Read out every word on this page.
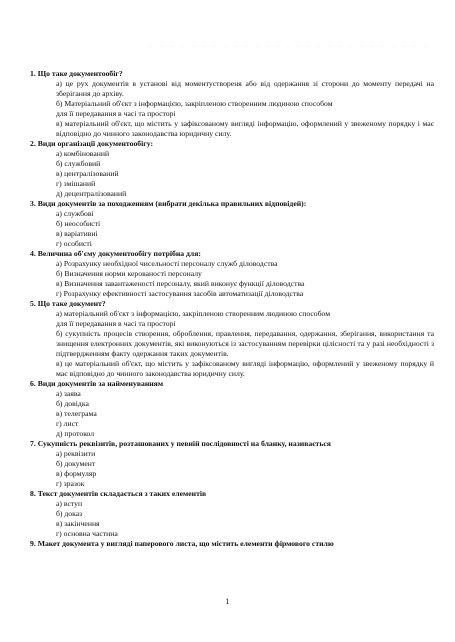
_ _ _ _ _ _ _ _ _ _ _ _ _ _ _ _ _ _ _ _ _ _ _ _ _ _ _
1. Що таке документообіг?
а) це рух документів в установі від моментуствореня або від одержання зі сторони до моменту передачі на зберігання до архіву.
б) Матеріальний об'єкт з інформацією, закріпленою створенним людиною способом
для її передавання в часі та просторі
в) матеріальний об'єкт, що містить у зафіксованому вигляді інформацію, оформлений у звеженому порядку і має відповідно до чинного законодавства юридичну силу.
2. Види організації документообігу:
а) комбінований
б) службовий
в) централізований
г) змішаний
д) децентралізований
3. Види документів за походженням (вибрати декілька правильних відповідей):
а) службові
б) неособисті
в) варіативні
г) особисті
4. Величина об'єму документообігу потрібна для:
а) Розрахунку необхідної чисельності персоналу служб діловодства
б) Визначення норми керованості персоналу
в) Визначення завантаженості персоналу, який виконує функції діловодства
г) Розрахунку ефективності застосування засобів автоматизації діловодства
5. Що таке документ?
а) матеріальний об'єкт з інформацією, закріпленою створенним людиною способом
для її передавання в часі та просторі
б) сукупність процесів створення, оброблення, правлення, передавання, одержання, зберігання, використання та знищення електронних документів, які виконуються із застосуванням перевірки цілісності та у разі необхідності з підтвердженням факту одержання таких документів.
в) це матеріальний об'єкт, що містить у зафіксованому вигляді інформацію, оформлений у звеженому порядку й має відповідно до чинного законодавства юридичну силу.
6. Види документів за найменуванням
а) заява
б) довідка
в) телеграма
г) лист
д) протокол
7. Сукупність реквізитів, розташованих у певній послідовності на бланку, називається
а) реквізити
б) документ
в) формуляр
г) зразок
8. Текст документів складається з таких елементів
а) вступ
б) доказ
в) закінчення
г) основна частина
9. Макет документа у вигляді паперового листа, що містить елементи фірмового стилю
1
